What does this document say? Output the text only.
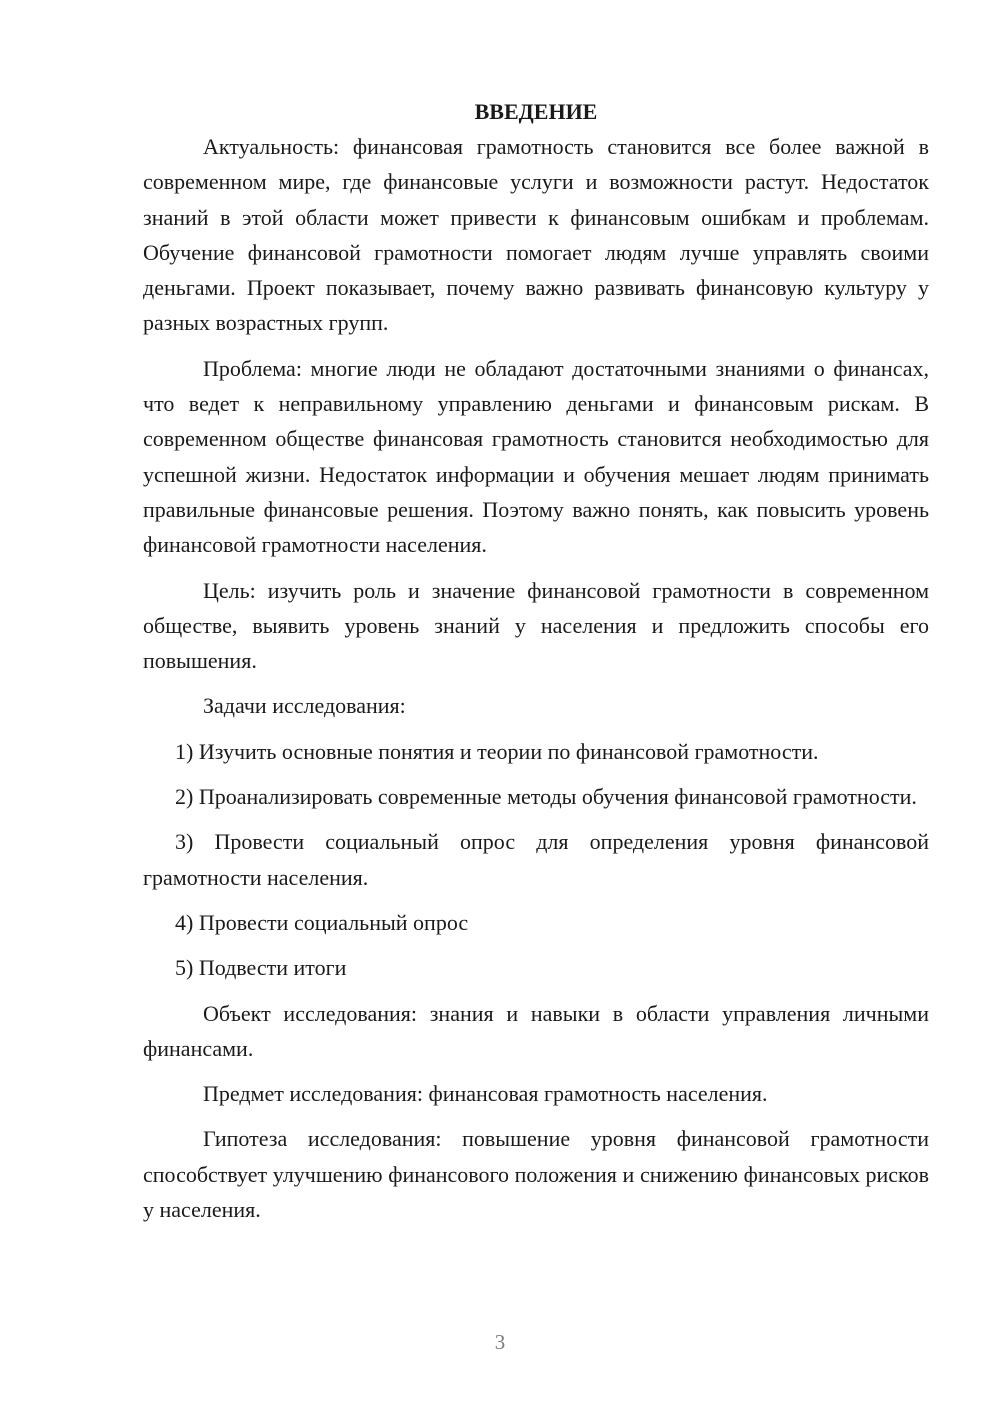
ВВЕДЕНИЕ

Актуальность: финансовая грамотность становится все более важной в современном мире, где финансовые услуги и возможности растут. Недостаток знаний в этой области может привести к финансовым ошибкам и проблемам. Обучение финансовой грамотности помогает людям лучше управлять своими деньгами. Проект показывает, почему важно развивать финансовую культуру у разных возрастных групп.

Проблема: многие люди не обладают достаточными знаниями о финансах, что ведет к неправильному управлению деньгами и финансовым рискам. В современном обществе финансовая грамотность становится необходимостью для успешной жизни. Недостаток информации и обучения мешает людям принимать правильные финансовые решения. Поэтому важно понять, как повысить уровень финансовой грамотности населения.

Цель: изучить роль и значение финансовой грамотности в современном обществе, выявить уровень знаний у населения и предложить способы его повышения.

Задачи исследования:

1) Изучить основные понятия и теории по финансовой грамотности.

2) Проанализировать современные методы обучения финансовой грамотности.

3) Провести социальный опрос для определения уровня финансовой грамотности населения.

4) Провести социальный опрос

5) Подвести итоги

Объект исследования: знания и навыки в области управления личными финансами.

Предмет исследования: финансовая грамотность населения.

Гипотеза исследования: повышение уровня финансовой грамотности способствует улучшению финансового положения и снижению финансовых рисков у населения.

3
